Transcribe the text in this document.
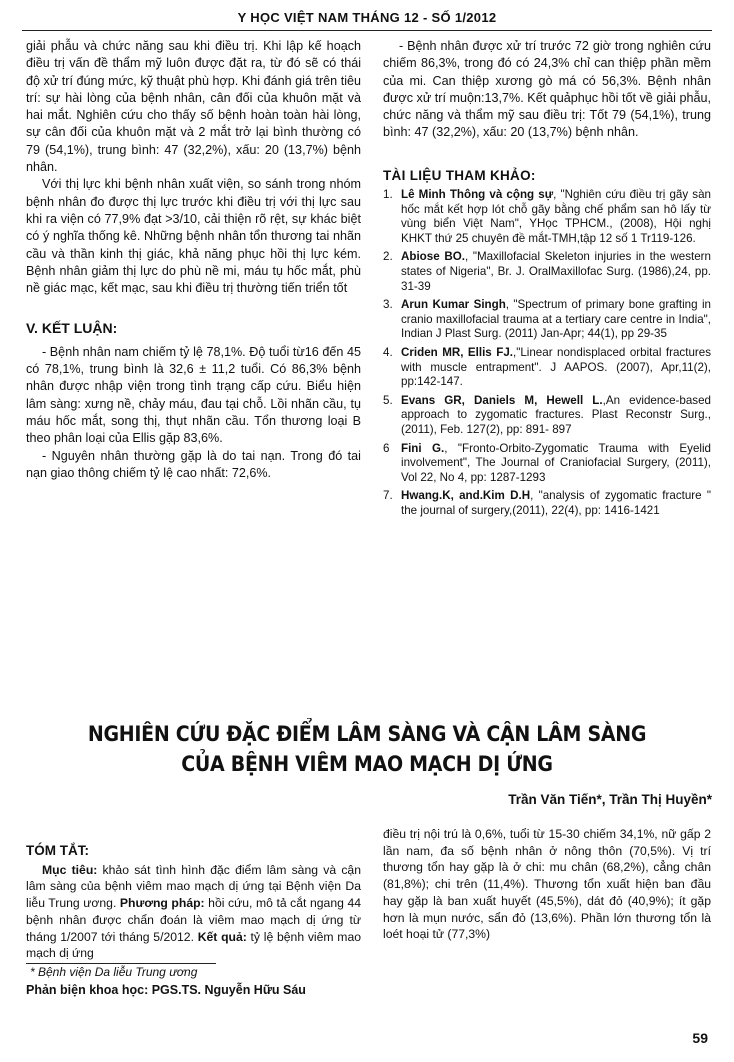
Y HỌC VIỆT NAM THÁNG 12 - SỐ 1/2012

giải phẫu và chức năng sau khi điều trị. Khi lập kế hoạch điều trị vấn đề thẩm mỹ luôn được đặt ra, từ đó sẽ có thái độ xử trí đúng mức, kỹ thuật phù hợp. Khi đánh giá trên tiêu trí: sự hài lòng của bệnh nhân, cân đối của khuôn mặt và hai mắt. Nghiên cứu cho thấy số bệnh hoàn toàn hài lòng, sự cân đối của khuôn mặt và 2 mắt trở lại bình thường có 79 (54,1%), trung bình: 47 (32,2%), xấu: 20 (13,7%) bệnh nhân.

Với thị lực khi bệnh nhân xuất viện, so sánh trong nhóm bệnh nhân đo được thị lực trước khi điều trị với thị lực sau khi ra viện có 77,9% đạt >3/10, cải thiện rõ rệt, sự khác biệt có ý nghĩa thống kê. Những bệnh nhân tổn thương tai nhãn cầu và thần kinh thị giác, khả năng phục hồi thị lực kém. Bệnh nhân giảm thị lực do phù nề mi, máu tụ hốc mắt, phù nề giác mạc, kết mạc, sau khi điều trị thường tiến triển tốt

V. KẾT LUẬN:

- Bệnh nhân nam chiếm tỷ lệ 78,1%. Độ tuổi từ16 đến 45 có 78,1%, trung bình là 32,6 ± 11,2 tuổi. Có 86,3% bệnh nhân được nhập viện trong tình trạng cấp cứu. Biểu hiện lâm sàng: xưng nề, chảy máu, đau tại chỗ. Lồi nhãn cầu, tụ máu hốc mắt, song thị, thụt nhãn cầu. Tổn thương loại B theo phân loại của Ellis gặp 83,6%.

- Nguyên nhân thường gặp là do tai nạn. Trong đó tai nạn giao thông chiếm tỷ lệ cao nhất: 72,6%.

- Bệnh nhân được xử trí trước 72 giờ trong nghiên cứu chiếm 86,3%, trong đó có 24,3% chỉ can thiệp phần mềm của mi. Can thiệp xương gò má có 56,3%. Bệnh nhân được xử trí muộn:13,7%. Kết quảphục hồi tốt về giải phẫu, chức năng và thẩm mỹ sau điều trị: Tốt 79 (54,1%), trung bình: 47 (32,2%), xấu: 20 (13,7%) bệnh nhân.

TÀI LIỆU THAM KHẢO:
1. Lê Minh Thông và cộng sự, "Nghiên cứu điều trị gãy sàn hốc mắt kết hợp lót chỗ gãy bằng chế phẩm san hô lấy từ vùng biển Việt Nam", YHọc TPHCM., (2008), Hội nghị KHKT thứ 25 chuyên đề mắt-TMH,tập 12 số 1 Tr119-126.
2. Abiose BO., "Maxillofacial Skeleton injuries in the western states of Nigeria", Br. J. OralMaxillofac Surg. (1986),24, pp. 31-39
3. Arun Kumar Singh, "Spectrum of primary bone grafting in cranio maxillofacial trauma at a tertiary care centre in India", Indian J Plast Surg. (2011) Jan-Apr; 44(1), pp 29-35
4. Criden MR, Ellis FJ.,"Linear nondisplaced orbital fractures with muscle entrapment". J AAPOS. (2007), Apr,11(2), pp:142-147.
5. Evans GR, Daniels M, Hewell L.,An evidence-based approach to zygomatic fractures. Plast Reconstr Surg., (2011), Feb. 127(2), pp: 891- 897
6 Fini G., "Fronto-Orbito-Zygomatic Trauma with Eyelid involvement", The Journal of Craniofacial Surgery, (2011), Vol 22, No 4, pp: 1287-1293
7. Hwang.K, and.Kim D.H, "analysis of zygomatic fracture " the journal of surgery,(2011), 22(4), pp: 1416-1421
NGHIÊN CỨU ĐẶC ĐIỂM LÂM SÀNG VÀ CẬN LÂM SÀNG
CỦA BỆNH VIÊM MAO MẠCH DỊ ỨNG
Trần Văn Tiến*, Trần Thị Huyền*
TÓM TẮT:
Mục tiêu: khảo sát tình hình đặc điểm lâm sàng và cận lâm sàng của bệnh viêm mao mạch dị ứng tại Bệnh viện Da liễu Trung ương. Phương pháp: hồi cứu, mô tả cắt ngang 44 bệnh nhân được chẩn đoán là viêm mao mạch dị ứng từ tháng 1/2007 tới tháng 5/2012. Kết quả: tỷ lệ bệnh viêm mao mạch dị ứng
điều trị nội trú là 0,6%, tuổi từ 15-30 chiếm 34,1%, nữ gấp 2 lần nam, đa số bệnh nhân ở nông thôn (70,5%). Vị trí thương tổn hay gặp là ở chi: mu chân (68,2%), cẳng chân (81,8%); chi trên (11,4%). Thương tổn xuất hiện ban đầu hay gặp là ban xuất huyết (45,5%), dát đỏ (40,9%); ít gặp hơn là mụn nước, sẩn đỏ (13,6%). Phần lớn thương tổn là loét hoại tử (77,3%)
* Bệnh viện Da liễu Trung ương
Phản biện khoa học: PGS.TS. Nguyễn Hữu Sáu
59
